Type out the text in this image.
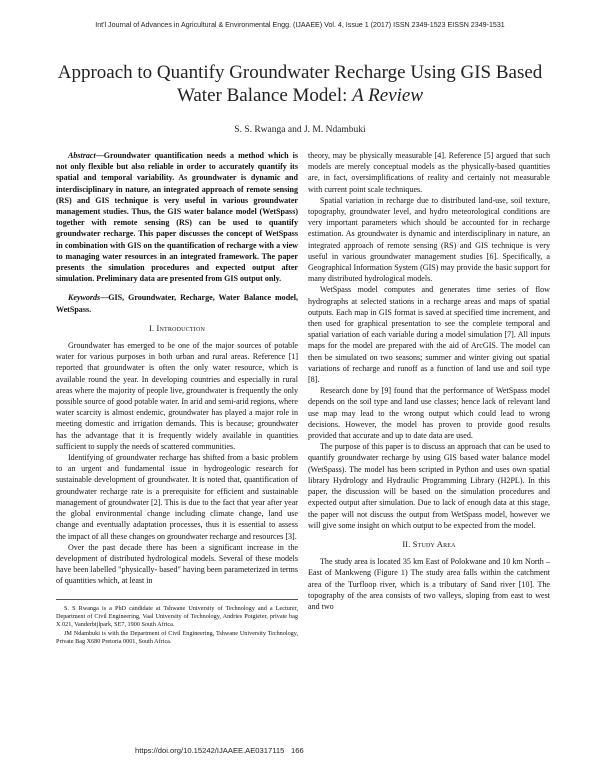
Int'l Journal of Advances in Agricultural & Environmental Engg. (IJAAEE) Vol. 4, Issue 1 (2017) ISSN 2349-1523 EISSN 2349-1531
Approach to Quantify Groundwater Recharge Using GIS Based Water Balance Model: A Review
S. S. Rwanga and J. M. Ndambuki

Abstract—Groundwater quantification needs a method which is not only flexible but also reliable in order to accurately quantify its spatial and temporal variability. As groundwater is dynamic and interdisciplinary in nature, an integrated approach of remote sensing (RS) and GIS technique is very useful in various groundwater management studies. Thus, the GIS water balance model (WetSpass) together with remote sensing (RS) can be used to quantify groundwater recharge. This paper discusses the concept of WetSpass in combination with GIS on the quantification of recharge with a view to managing water resources in an integrated framework. The paper presents the simulation procedures and expected output after simulation. Preliminary data are presented from GIS output only.

Keywords—GIS, Groundwater, Recharge, Water Balance model, WetSpass.

I. Introduction

Groundwater has emerged to be one of the major sources of potable water for various purposes in both urban and rural areas. Reference [1] reported that groundwater is often the only water resource, which is available round the year. In developing countries and especially in rural areas where the majority of people live, groundwater is frequently the only possible source of good potable water. In arid and semi-arid regions, where water scarcity is almost endemic, groundwater has played a major role in meeting domestic and irrigation demands. This is because; groundwater has the advantage that it is frequently widely available in quantities sufficient to supply the needs of scattered communities.

Identifying of groundwater recharge has shifted from a basic problem to an urgent and fundamental issue in hydrogeologic research for sustainable development of groundwater. It is noted that, quantification of groundwater recharge rate is a prerequisite for efficient and sustainable management of groundwater [2]. This is due to the fact that year after year the global environmental change including climate change, land use change and eventually adaptation processes, thus it is essential to assess the impact of all these changes on groundwater recharge and resources [3].

Over the past decade there has been a significant increase in the development of distributed hydrological models. Several of these models have been labelled "physically- based" having been parameterized in terms of quantities which, at least in

S. S Rwanga is a PhD candidate at Tshwane University of Technology and a Lecturer, Department of Civil Engineering, Vaal University of Technology, Andries Potgieter, private bag X 021, Vanderbijlpark, SE7, 1900 South Africa.

JM Ndambuki is with the Department of Civil Engineering, Tshwane University Technology, Private Bag X680 Pretoria 0001, South Africa.

theory, may be physically measurable [4]. Reference [5] argued that such models are merely conceptual models as the physically-based quantities are, in fact, oversimplifications of reality and certainly not measurable with current point scale techniques.

Spatial variation in recharge due to distributed land-use, soil texture, topography, groundwater level, and hydro meteorological conditions are very important parameters which should be accounted for in recharge estimation. As groundwater is dynamic and interdisciplinary in nature, an integrated approach of remote sensing (RS) and GIS technique is very useful in various groundwater management studies [6]. Specifically, a Geographical Information System (GIS) may provide the basic support for many distributed hydrological models.

WetSpass model computes and generates time series of flow hydrographs at selected stations in a recharge areas and maps of spatial outputs. Each map in GIS format is saved at specified time increment, and then used for graphical presentation to see the complete temporal and spatial variation of each variable during a model simulation [7]. All inputs maps for the model are prepared with the aid of ArcGIS. The model can then be simulated on two seasons; summer and winter giving out spatial variations of recharge and runoff as a function of land use and soil type [8].

Research done by [9] found that the performance of WetSpass model depends on the soil type and land use classes; hence lack of relevant land use map may lead to the wrong output which could lead to wrong decisions. However, the model has proven to provide good results provided that accurate and up to date data are used.

The purpose of this paper is to discuss an approach that can be used to quantify groundwater recharge by using GIS based water balance model (WetSpass). The model has been scripted in Python and uses own spatial library Hydrology and Hydraulic Programming Library (H2PL). In this paper, the discussion will be based on the simulation procedures and expected output after simulation. Due to lack of enough data at this stage, the paper will not discuss the output from WetSpass model, however we will give some insight on which output to be expected from the model.

II. Study Area

The study area is located 35 km East of Polokwane and 10 km North – East of Mankweng (Figure 1) The study area falls within the catchment area of the Turfloop river, which is a tributary of Sand river [10]. The topography of the area consists of two valleys, sloping from east to west and two

https://doi.org/10.15242/IJAAEE.AE0317115 166
